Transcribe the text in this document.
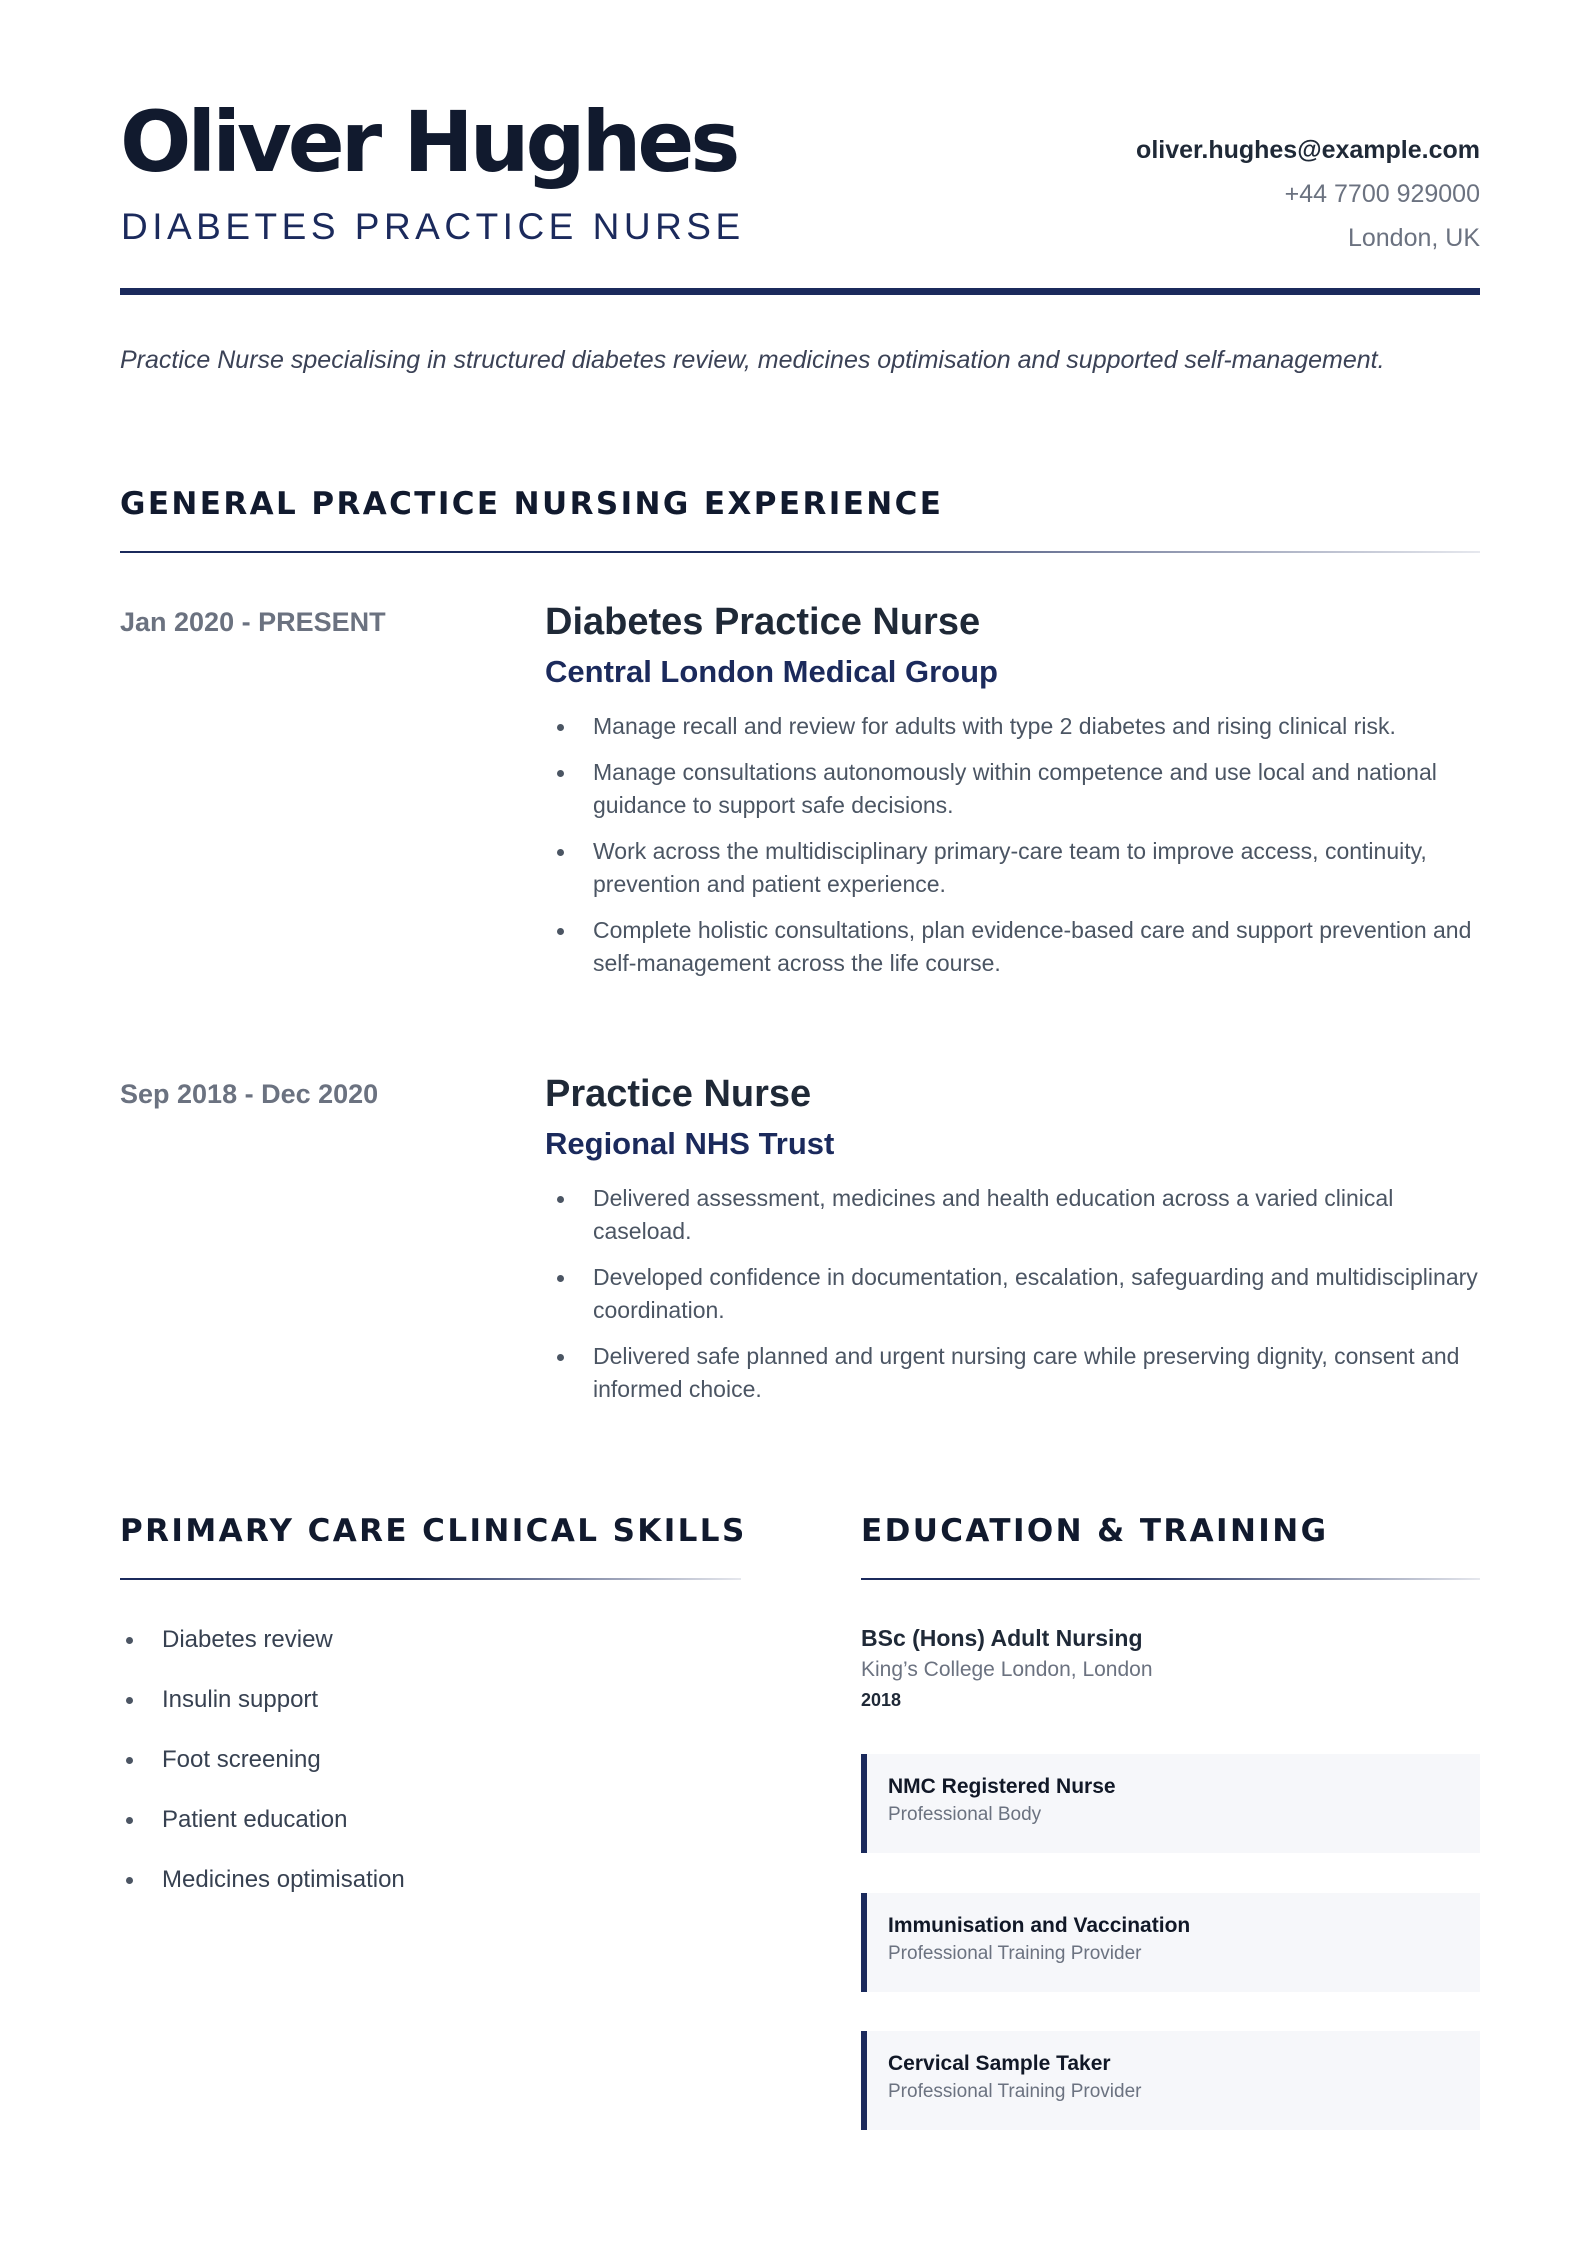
Oliver Hughes
DIABETES PRACTICE NURSE
oliver.hughes@example.com
+44 7700 929000
London, UK
Practice Nurse specialising in structured diabetes review, medicines optimisation and supported self-management.
GENERAL PRACTICE NURSING EXPERIENCE
Jan 2020 - PRESENT	Diabetes Practice Nurse
Central London Medical Group
Manage recall and review for adults with type 2 diabetes and rising clinical risk.
Manage consultations autonomously within competence and use local and national guidance to support safe decisions.
Work across the multidisciplinary primary-care team to improve access, continuity, prevention and patient experience.
Complete holistic consultations, plan evidence-based care and support prevention and self-management across the life course.
Sep 2018 - Dec 2020	Practice Nurse
Regional NHS Trust
Delivered assessment, medicines and health education across a varied clinical caseload.
Developed confidence in documentation, escalation, safeguarding and multidisciplinary coordination.
Delivered safe planned and urgent nursing care while preserving dignity, consent and informed choice.
PRIMARY CARE CLINICAL SKILLS
Diabetes review
Insulin support
Foot screening
Patient education
Medicines optimisation
EDUCATION & TRAINING
BSc (Hons) Adult Nursing
King’s College London, London
2018
NMC Registered Nurse
Professional Body
Immunisation and Vaccination
Professional Training Provider
Cervical Sample Taker
Professional Training Provider
